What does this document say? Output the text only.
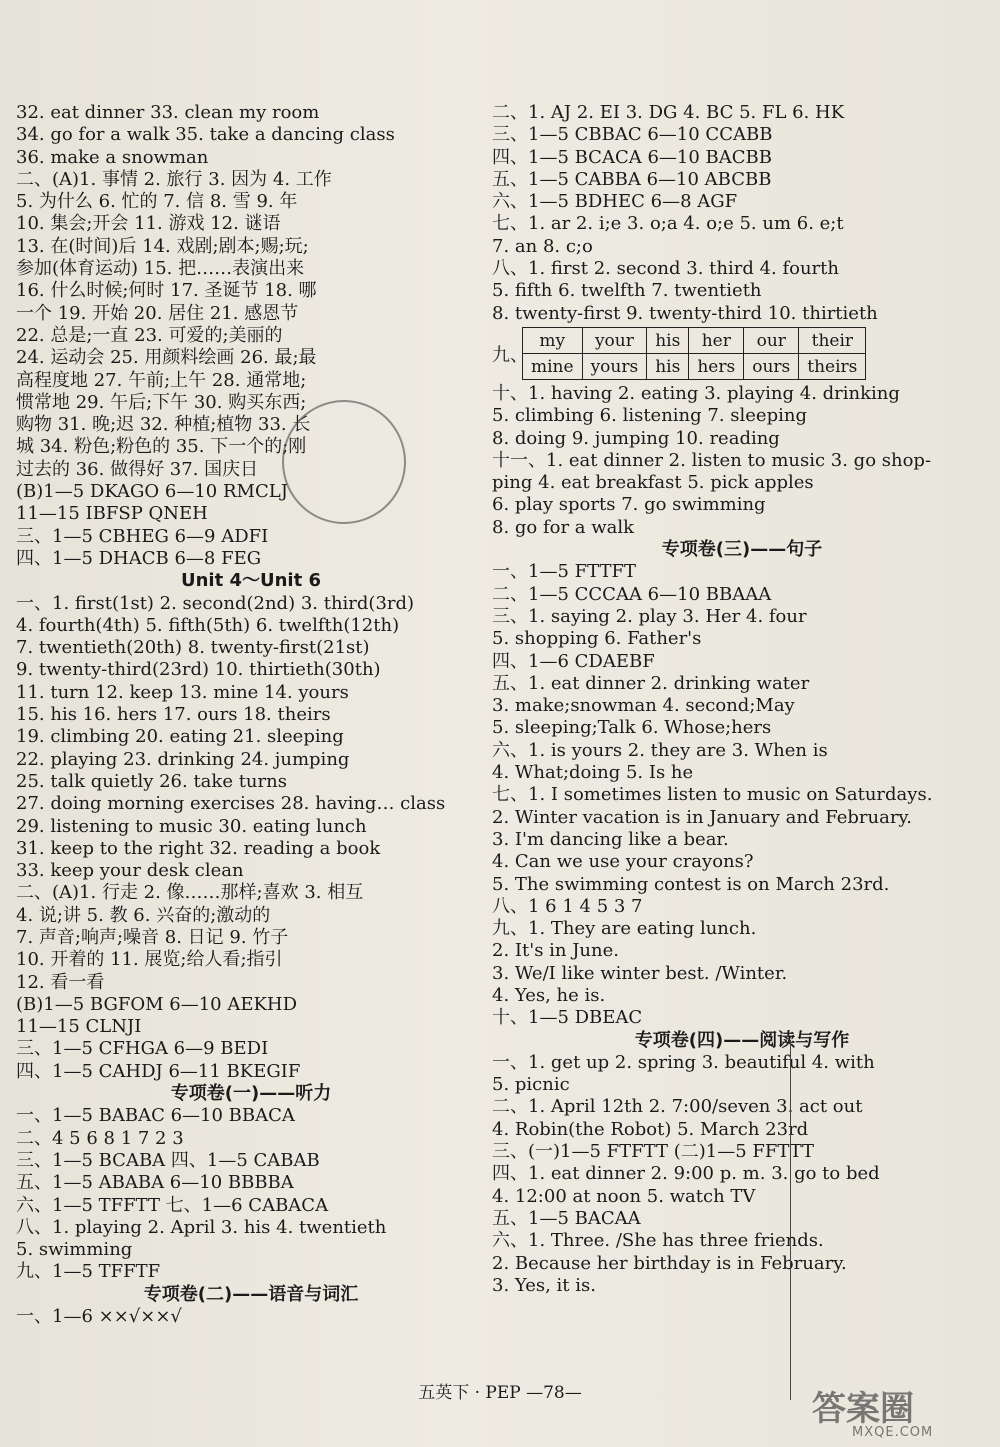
32. eat dinner 33. clean my room
34. go for a walk 35. take a dancing class
36. make a snowman
二、(A)1. 事情 2. 旅行 3. 因为 4. 工作
5. 为什么 6. 忙的 7. 信 8. 雪 9. 年
10. 集会;开会 11. 游戏 12. 谜语
13. 在(时间)后 14. 戏剧;剧本;赐;玩;
参加(体育运动) 15. 把……表演出来
16. 什么时候;何时 17. 圣诞节 18. 哪
一个 19. 开始 20. 居住 21. 感恩节
22. 总是;一直 23. 可爱的;美丽的
24. 运动会 25. 用颜料绘画 26. 最;最
高程度地 27. 午前;上午 28. 通常地;
惯常地 29. 午后;下午 30. 购买东西;
购物 31. 晚;迟 32. 种植;植物 33. 长
城 34. 粉色;粉色的 35. 下一个的;刚
过去的 36. 做得好 37. 国庆日
(B)1—5 DKAGO 6—10 RMCLJ
11—15 IBFSP QNEH
三、1—5 CBHEG 6—9 ADFI
四、1—5 DHACB 6—8 FEG
Unit 4～Unit 6
一、1. first(1st) 2. second(2nd) 3. third(3rd)
4. fourth(4th) 5. fifth(5th) 6. twelfth(12th)
7. twentieth(20th) 8. twenty-first(21st)
9. twenty-third(23rd) 10. thirtieth(30th)
11. turn 12. keep 13. mine 14. yours
15. his 16. hers 17. ours 18. theirs
19. climbing 20. eating 21. sleeping
22. playing 23. drinking 24. jumping
25. talk quietly 26. take turns
27. doing morning exercises 28. having… class
29. listening to music 30. eating lunch
31. keep to the right 32. reading a book
33. keep your desk clean
二、(A)1. 行走 2. 像……那样;喜欢 3. 相互
4. 说;讲 5. 教 6. 兴奋的;激动的
7. 声音;响声;噪音 8. 日记 9. 竹子
10. 开着的 11. 展览;给人看;指引
12. 看一看
(B)1—5 BGFOM 6—10 AEKHD
11—15 CLNJI
三、1—5 CFHGA 6—9 BEDI
四、1—5 CAHDJ 6—11 BKEGIF
专项卷(一)——听力
一、1—5 BABAC 6—10 BBACA
二、4 5 6 8 1 7 2 3
三、1—5 BCABA 四、1—5 CABAB
五、1—5 ABABA 6—10 BBBBA
六、1—5 TFFTT 七、1—6 CABACA
八、1. playing 2. April 3. his 4. twentieth
5. swimming
九、1—5 TFFTF
专项卷(二)——语音与词汇
一、1—6 ××√××√
二、1. AJ 2. EI 3. DG 4. BC 5. FL 6. HK
三、1—5 CBBAC 6—10 CCABB
四、1—5 BCACA 6—10 BACBB
五、1—5 CABBA 6—10 ABCBB
六、1—5 BDHEC 6—8 AGF
七、1. ar 2. i;e 3. o;a 4. o;e 5. um 6. e;t
7. an 8. c;o
八、1. first 2. second 3. third 4. fourth
5. fifth 6. twelfth 7. twentieth
8. twenty-first 9. twenty-third 10. thirtieth
九、
my	your	his	her	our	their
mine	yours	his	hers	ours	theirs
十、1. having 2. eating 3. playing 4. drinking
5. climbing 6. listening 7. sleeping
8. doing 9. jumping 10. reading
十一、1. eat dinner 2. listen to music 3. go shop-
ping 4. eat breakfast 5. pick apples
6. play sports 7. go swimming
8. go for a walk
专项卷(三)——句子
一、1—5 FTTFT
二、1—5 CCCAA 6—10 BBAAA
三、1. saying 2. play 3. Her 4. four
5. shopping 6. Father's
四、1—6 CDAEBF
五、1. eat dinner 2. drinking water
3. make;snowman 4. second;May
5. sleeping;Talk 6. Whose;hers
六、1. is yours 2. they are 3. When is
4. What;doing 5. Is he
七、1. I sometimes listen to music on Saturdays.
2. Winter vacation is in January and February.
3. I'm dancing like a bear.
4. Can we use your crayons?
5. The swimming contest is on March 23rd.
八、1 6 1 4 5 3 7
九、1. They are eating lunch.
2. It's in June.
3. We/I like winter best. /Winter.
4. Yes, he is.
十、1—5 DBEAC
专项卷(四)——阅读与写作
一、1. get up 2. spring 3. beautiful 4. with
5. picnic
二、1. April 12th 2. 7:00/seven 3. act out
4. Robin(the Robot) 5. March 23rd
三、(一)1—5 FTFTT (二)1—5 FFTTT
四、1. eat dinner 2. 9:00 p. m. 3. go to bed
4. 12:00 at noon 5. watch TV
五、1—5 BACAA
六、1. Three. /She has three friends.
2. Because her birthday is in February.
3. Yes, it is.
五英下 · PEP —78—	答案圈
MXQE.COM
